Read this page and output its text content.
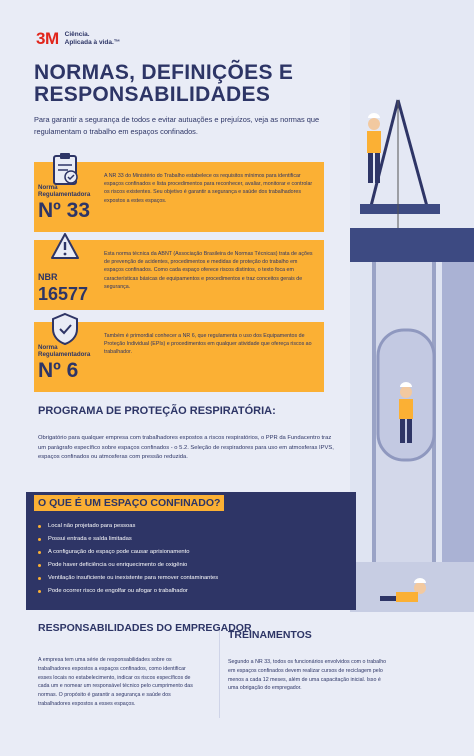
3M Ciência.
Aplicada à vida.™
NORMAS, DEFINIÇÕES E RESPONSABILIDADES

Para garantir a segurança de todos e evitar autuações e prejuízos, veja as normas que regulamentam o trabalho em espaços confinados.

Norma Regulamentadora
Nº 33

A NR 33 do Ministério do Trabalho estabelece os requisitos mínimos para identificar espaços confinados e lista procedimentos para reconhecer, avaliar, monitorar e controlar os riscos existentes. Seu objetivo é garantir a segurança e saúde dos trabalhadores expostos a estes espaços.

NBR
16577

Esta norma técnica da ABNT (Associação Brasileira de Normas Técnicas) trata de ações de prevenção de acidentes, procedimentos e medidas de proteção do trabalho em espaços confinados. Como cada espaço oferece riscos distintos, o texto foca em características básicas de equipamentos e procedimentos e traz conceitos gerais de segurança.

Norma Regulamentadora
Nº 6

Também é primordial conhecer a NR 6, que regulamenta o uso dos Equipamentos de Proteção Individual (EPIs) e procedimentos em qualquer atividade que ofereça riscos ao trabalhador.

PROGRAMA DE PROTEÇÃO RESPIRATÓRIA:

Obrigatório para qualquer empresa com trabalhadores expostos a riscos respiratórios, o PPR da Fundacentro traz um parágrafo específico sobre espaços confinados - o 5.2. Seleção de respiradores para uso em atmosferas IPVS, espaços confinados ou atmosferas com pressão reduzida.

O QUE É UM ESPAÇO CONFINADO?
Local não projetado para pessoas
Possui entrada e saída limitadas
A configuração do espaço pode causar aprisionamento
Pode haver deficiência ou enriquecimento de oxigênio
Ventilação insuficiente ou inexistente para remover contaminantes
Pode ocorrer risco de engolfar ou afogar o trabalhador
RESPONSABILIDADES DO EMPREGADOR

A empresa tem uma série de responsabilidades sobre os trabalhadores expostos a espaços confinados, como identificar esses locais no estabelecimento, indicar os riscos específicos de cada um e nomear um responsável técnico pelo cumprimento das normas. O propósito é garantir a segurança e saúde dos trabalhadores expostos a esses espaços.

TREINAMENTOS

Segundo a NR 33, todos os funcionários envolvidos com o trabalho em espaços confinados devem realizar cursos de reciclagem pelo menos a cada 12 meses, além de uma capacitação inicial. Isso é uma obrigação do empregador.
